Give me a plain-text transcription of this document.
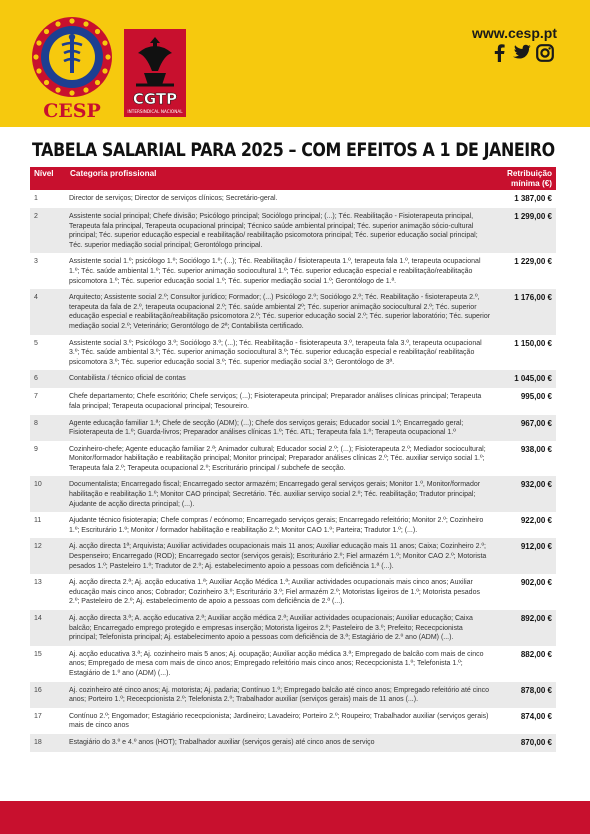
CESP
CGTP
INTERSINDICAL NACIONAL
www.cesp.pt
TABELA SALARIAL PARA 2025 – COM EFEITOS A 1 DE JANEIRO
Nível	Categoria profissional	Retribuição
mínima (€)
1	Director de serviços; Director de serviços clínicos; Secretário-geral.	1 387,00 €
2	Assistente social principal; Chefe divisão; Psicólogo principal; Sociólogo principal; (...); Téc. Reabilitação - Fisioterapeuta principal, Terapeuta fala principal, Terapeuta ocupacional principal; Técnico saúde ambiental principal; Téc. superior animação sócio-cultural principal; Téc. superior educação especial e reabilitação/ reabilitação psicomotora principal; Téc. superior educação social principal; Téc. superior mediação social principal; Gerontólogo principal.	1 299,00 €
3	Assistente social 1.º; psicólogo 1.º; Sociólogo 1.º; (...); Téc. Reabilitação / fisioterapeuta 1.º, terapeuta fala 1.º, terapeuta ocupacional 1.º; Téc. saúde ambiental 1.º; Téc. superior animação sociocultural 1.º; Téc. superior educação especial e reabilitação/reabilitação psicomotora 1.º; Téc. superior educação social 1.º; Téc. superior mediação social 1.º; Gerontólogo de 1.ª.	1 229,00 €
4	Arquitecto; Assistente social 2.º; Consultor jurídico; Formador; (...) Psicólogo 2.º; Sociólogo 2.º; Téc. Reabilitação - fisioterapeuta 2.º, terapeuta da fala de 2.º, terapeuta ocupacional 2.º; Téc. saúde ambiental 2º; Téc. superior animação sociocultural 2.º; Téc. superior educação especial e reabilitação/reabilitação psicomotora 2.º; Téc. superior educação social 2.º; Téc. superior laboratório; Téc. superior mediação social 2.º; Veterinário; Gerontólogo de 2ª; Contabilista certificado.	1 176,00 €
5	Assistente social 3.º; Psicólogo 3.º; Sociólogo 3.º; (...); Téc. Reabilitação - fisioterapeuta 3.º, terapeuta fala 3.º, terapeuta ocupacional 3.º; Téc. saúde ambiental 3.º; Téc. superior animação sociocultural 3.º; Téc. superior educação especial e reabilitação/ reabilitação psicomotora 3.º; Téc. superior educação social 3.º; Téc. superior mediação social 3.º; Gerontólogo de 3ª.	1 150,00 €
6	Contabilista / técnico oficial de contas	1 045,00 €
7	Chefe departamento; Chefe escritório; Chefe serviços; (...); Fisioterapeuta principal; Preparador análises clínicas principal; Terapeuta fala principal; Terapeuta ocupacional principal; Tesoureiro.	995,00 €
8	Agente educação familiar 1.ª; Chefe de secção (ADM); (...); Chefe dos serviços gerais; Educador social 1.º; Encarregado geral; Fisioterapeuta de 1.º; Guarda-livros; Preparador análises clínicas 1.º; Téc. ATL; Terapeuta fala 1.º; Terapeuta ocupacional 1.º	967,00 €
9	Cozinheiro-chefe; Agente educação familiar 2.ª; Animador cultural; Educador social 2.º; (...); Fisioterapeuta 2.º; Mediador sociocultural; Monitor/formador habilitação e reabilitação principal; Monitor principal; Preparador análises clínicas 2.º; Téc. auxiliar serviço social 1.º; Terapeuta fala 2.º; Terapeuta ocupacional 2.º; Escriturário principal / subchefe de secção.	938,00 €
10	Documentalista; Encarregado fiscal; Encarregado sector armazém; Encarregado geral serviços gerais; Monitor 1.º, Monitor/formador habilitação e reabilitação 1.º; Monitor CAO principal; Secretário. Téc. auxiliar serviço social 2.º; Téc. reabilitação; Tradutor principal; Ajudante de acção directa principal; (...).	932,00 €
11	Ajudante técnico fisioterapia; Chefe compras / ecónomo; Encarregado serviços gerais; Encarregado refeitório; Monitor 2.º; Cozinheiro 1.º; Escriturário 1.º; Monitor / formador habilitação e reabilitação 2.º; Monitor CAO 1.º; Parteira; Tradutor 1.º; (...).	922,00 €
12	Aj. acção directa 1ª; Arquivista; Auxiliar actividades ocupacionais mais 11 anos; Auxiliar educação mais 11 anos; Caixa; Cozinheiro 2.º; Despenseiro; Encarregado (ROD); Encarregado sector (serviços gerais); Escriturário 2.º; Fiel armazém 1.º; Monitor CAO 2.º; Motorista pesados 1.º; Pasteleiro 1.º; Tradutor de 2.º; Aj. estabelecimento apoio a pessoas com deficiência 1.ª (...).	912,00 €
13	Aj. acção directa 2.ª; Aj. acção educativa 1.ª; Auxiliar Acção Médica 1.ª; Auxiliar actividades ocupacionais mais cinco anos; Auxiliar educação mais cinco anos; Cobrador; Cozinheiro 3.º; Escriturário 3.º; Fiel armazém 2.º; Motoristas ligeiros de 1.º; Motorista pesados 2.º; Pasteleiro de 2.º; Aj. estabelecimento de apoio a pessoas com deficiência de 2.ª (...).	902,00 €
14	Aj. acção directa 3.ª; A. acção educativa 2.ª; Auxiliar acção médica 2.ª; Auxiliar actividades ocupacionais; Auxiliar educação; Caixa balcão; Encarregado emprego protegido e empresas inserção; Motorista ligeiros 2.º; Pasteleiro de 3.º; Prefeito; Rececpcionista principal; Telefonista principal; Aj. estabelecimento apoio a pessoas com deficiência de 3.ª; Estagiário de 2.º ano (ADM) (...).	892,00 €
15	Aj. acção educativa 3.ª; Aj. cozinheiro mais 5 anos; Aj. ocupação; Auxiliar acção médica 3.ª; Empregado de balcão com mais de cinco anos; Empregado de mesa com mais de cinco anos; Empregado refeitório mais cinco anos; Rececpcionista 1.º; Telefonista 1.º; Estagiário de 1.º ano (ADM) (...).	882,00 €
16	Aj. cozinheiro até cinco anos; Aj. motorista; Aj. padaria; Contínuo 1.º; Empregado balcão até cinco anos; Empregado refeitório até cinco anos; Porteiro 1.º; Rececpcionista 2.º; Telefonista 2.º; Trabalhador auxiliar (serviços gerais) mais de 11 anos (...).	878,00 €
17	Contínuo 2.º; Engomador; Estagiário rececpcionista; Jardineiro; Lavadeiro; Porteiro 2.º; Roupeiro; Trabalhador auxiliar (serviços gerais) mais de cinco anos	874,00 €
18	Estagiário do 3.º e 4.º anos (HOT); Trabalhador auxiliar (serviços gerais) até cinco anos de serviço	870,00 €
